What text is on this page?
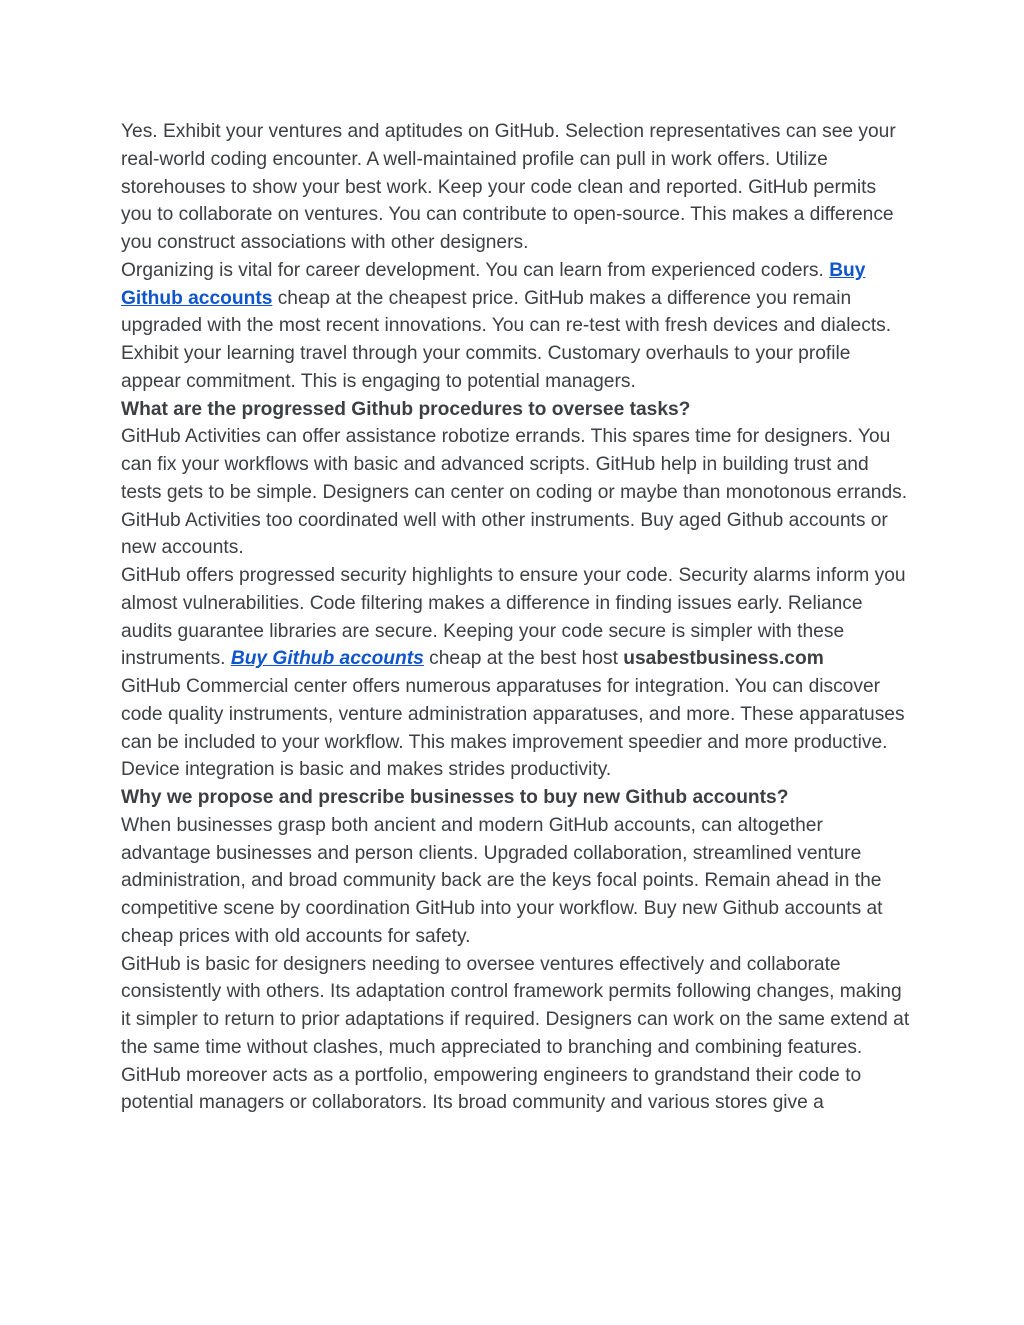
Yes. Exhibit your ventures and aptitudes on GitHub. Selection representatives can see your real-world coding encounter. A well-maintained profile can pull in work offers. Utilize storehouses to show your best work. Keep your code clean and reported. GitHub permits you to collaborate on ventures. You can contribute to open-source. This makes a difference you construct associations with other designers.

Organizing is vital for career development. You can learn from experienced coders. Buy Github accounts cheap at the cheapest price. GitHub makes a difference you remain upgraded with the most recent innovations. You can re-test with fresh devices and dialects. Exhibit your learning travel through your commits. Customary overhauls to your profile appear commitment. This is engaging to potential managers.

What are the progressed Github procedures to oversee tasks?

GitHub Activities can offer assistance robotize errands. This spares time for designers. You can fix your workflows with basic and advanced scripts. GitHub help in building trust and tests gets to be simple. Designers can center on coding or maybe than monotonous errands. GitHub Activities too coordinated well with other instruments. Buy aged Github accounts or new accounts.

GitHub offers progressed security highlights to ensure your code. Security alarms inform you almost vulnerabilities. Code filtering makes a difference in finding issues early. Reliance audits guarantee libraries are secure. Keeping your code secure is simpler with these instruments. Buy Github accounts cheap at the best host usabestbusiness.com

GitHub Commercial center offers numerous apparatuses for integration. You can discover code quality instruments, venture administration apparatuses, and more. These apparatuses can be included to your workflow. This makes improvement speedier and more productive. Device integration is basic and makes strides productivity.

Why we propose and prescribe businesses to buy new Github accounts?

When businesses grasp both ancient and modern GitHub accounts, can altogether advantage businesses and person clients. Upgraded collaboration, streamlined venture administration, and broad community back are the keys focal points. Remain ahead in the competitive scene by coordination GitHub into your workflow. Buy new Github accounts at cheap prices with old accounts for safety.

GitHub is basic for designers needing to oversee ventures effectively and collaborate consistently with others. Its adaptation control framework permits following changes, making it simpler to return to prior adaptations if required. Designers can work on the same extend at the same time without clashes, much appreciated to branching and combining features.

GitHub moreover acts as a portfolio, empowering engineers to grandstand their code to potential managers or collaborators. Its broad community and various stores give a
